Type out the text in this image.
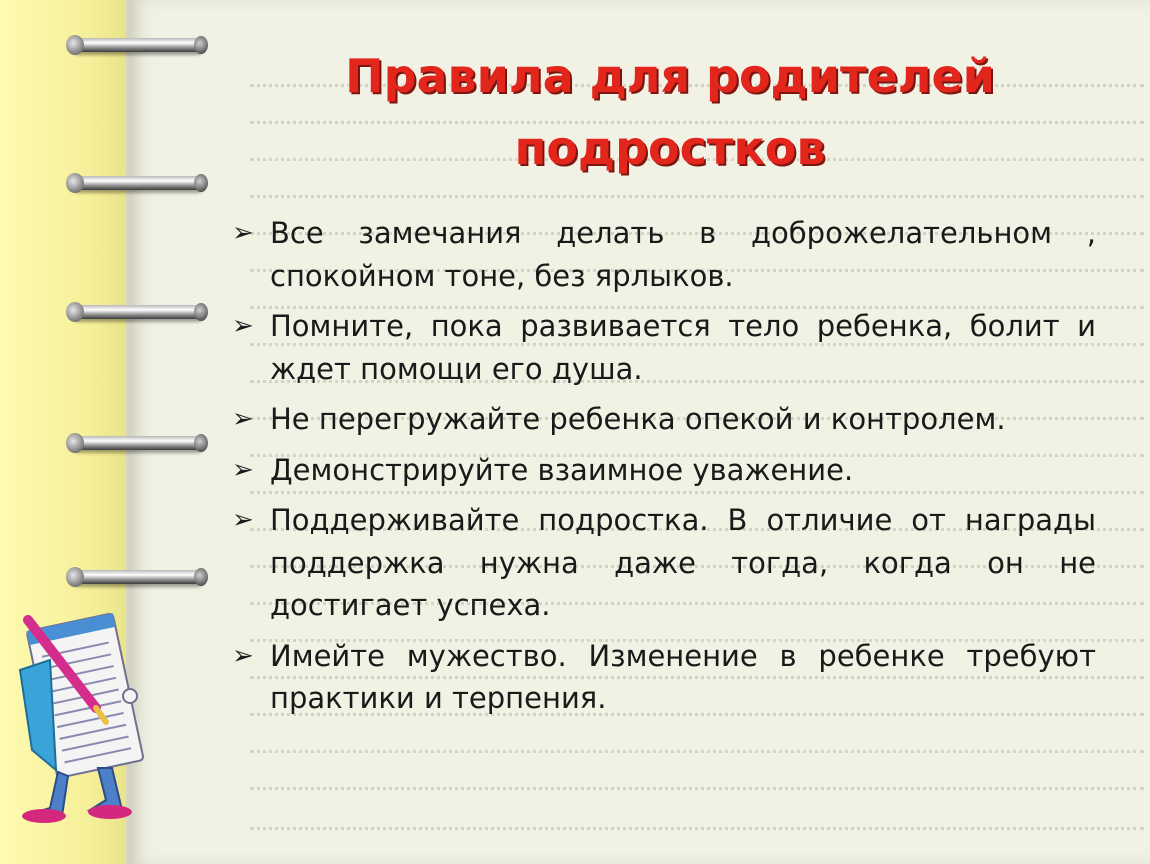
Правила для родителей
подростков
➢ Все замечания делать в доброжелательном , спокойном тоне, без ярлыков.
➢ Помните, пока развивается тело ребенка, болит и ждет помощи его душа.
➢ Не перегружайте ребенка опекой и контролем.
➢ Демонстрируйте взаимное уважение.
➢ Поддерживайте подростка. В отличие от награды поддержка нужна даже тогда, когда он не достигает успеха.
➢ Имейте мужество. Изменение в ребенке требуют практики и терпения.
